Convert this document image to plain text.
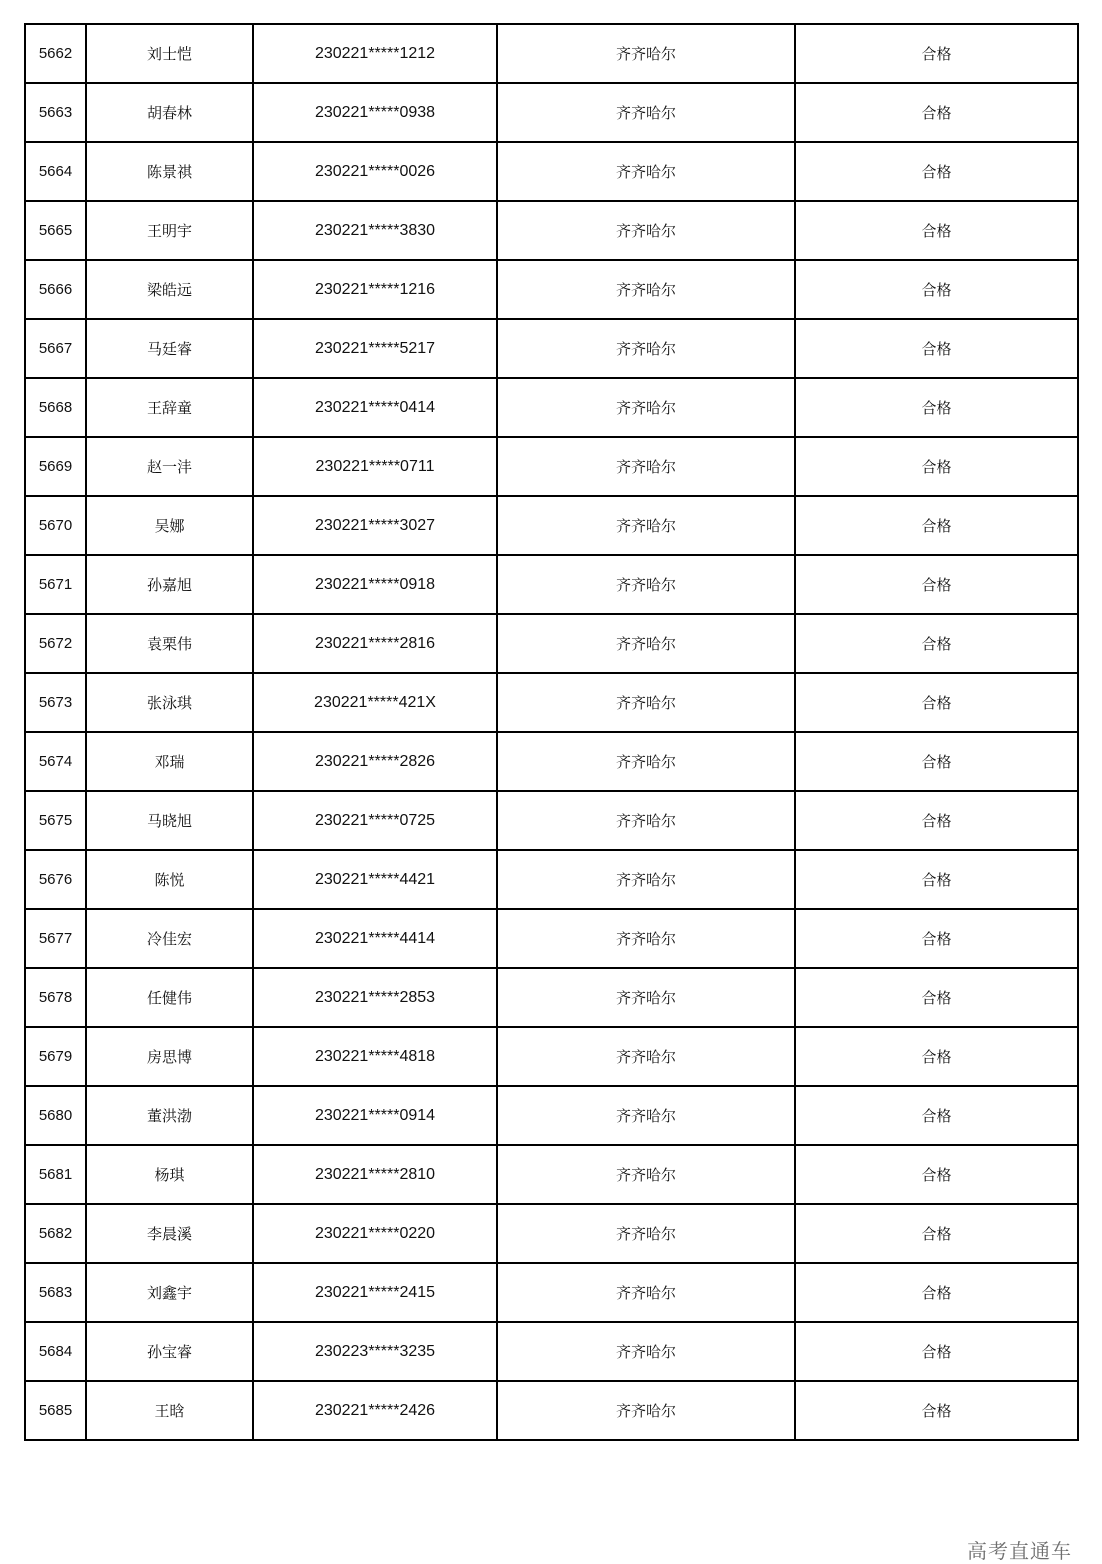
5662	刘士恺	230221*****1212	齐齐哈尔	合格
5663	胡春林	230221*****0938	齐齐哈尔	合格
5664	陈景祺	230221*****0026	齐齐哈尔	合格
5665	王明宇	230221*****3830	齐齐哈尔	合格
5666	梁皓远	230221*****1216	齐齐哈尔	合格
5667	马廷睿	230221*****5217	齐齐哈尔	合格
5668	王辞童	230221*****0414	齐齐哈尔	合格
5669	赵一沣	230221*****0711	齐齐哈尔	合格
5670	吴娜	230221*****3027	齐齐哈尔	合格
5671	孙嘉旭	230221*****0918	齐齐哈尔	合格
5672	袁栗伟	230221*****2816	齐齐哈尔	合格
5673	张泳琪	230221*****421X	齐齐哈尔	合格
5674	邓瑞	230221*****2826	齐齐哈尔	合格
5675	马晓旭	230221*****0725	齐齐哈尔	合格
5676	陈悦	230221*****4421	齐齐哈尔	合格
5677	冷佳宏	230221*****4414	齐齐哈尔	合格
5678	任健伟	230221*****2853	齐齐哈尔	合格
5679	房思博	230221*****4818	齐齐哈尔	合格
5680	董洪渤	230221*****0914	齐齐哈尔	合格
5681	杨琪	230221*****2810	齐齐哈尔	合格
5682	李晨溪	230221*****0220	齐齐哈尔	合格
5683	刘鑫宇	230221*****2415	齐齐哈尔	合格
5684	孙宝睿	230223*****3235	齐齐哈尔	合格
5685	王晗	230221*****2426	齐齐哈尔	合格
高考直通车
